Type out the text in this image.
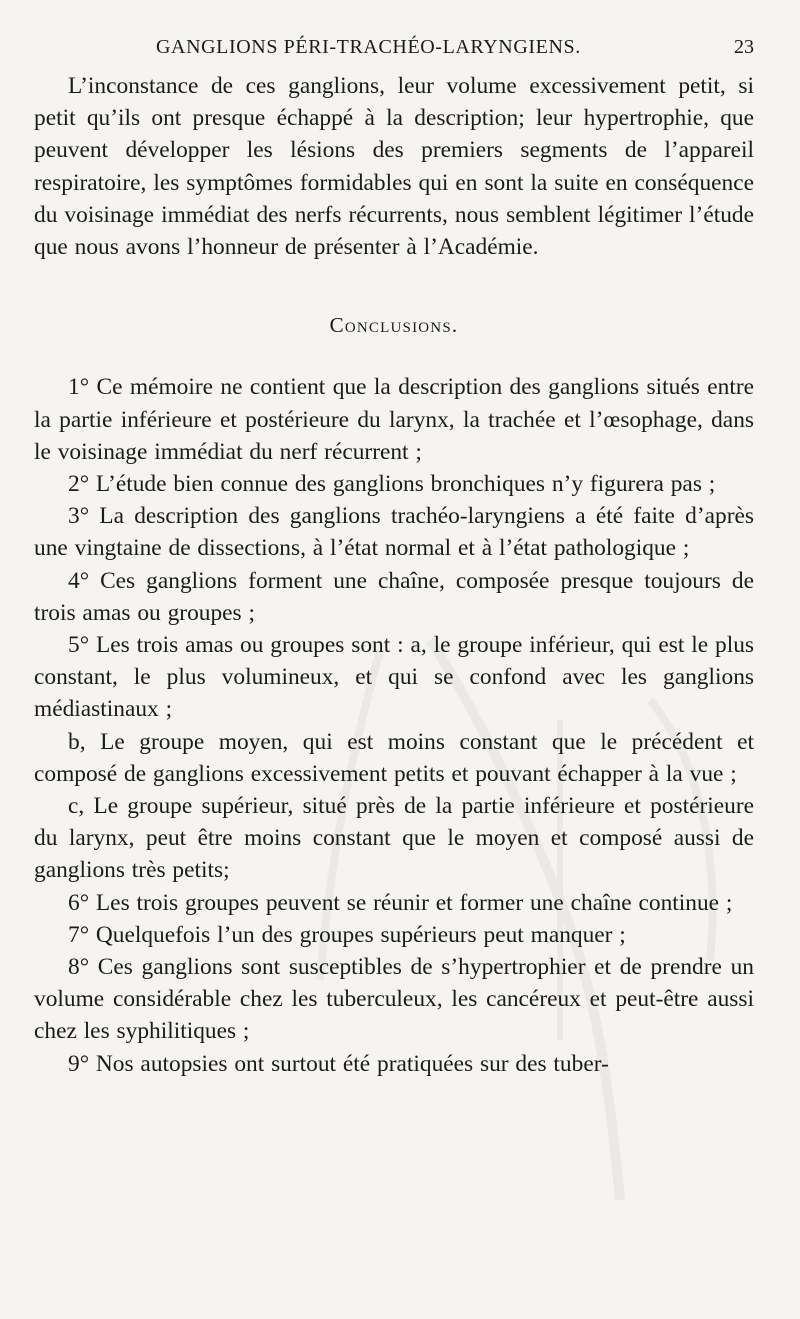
GANGLIONS PÉRI-TRACHÉO-LARYNGIENS.	23

L’inconstance de ces ganglions, leur volume excessivement petit, si petit qu’ils ont presque échappé à la description; leur hypertrophie, que peuvent développer les lésions des premiers segments de l’appareil respiratoire, les symptômes formidables qui en sont la suite en conséquence du voisinage immédiat des nerfs récurrents, nous semblent légitimer l’étude que nous avons l’honneur de présenter à l’Académie.

Conclusions.

1° Ce mémoire ne contient que la description des ganglions situés entre la partie inférieure et postérieure du larynx, la trachée et l’œsophage, dans le voisinage immédiat du nerf récurrent ;

2° L’étude bien connue des ganglions bronchiques n’y figurera pas ;

3° La description des ganglions trachéo-laryngiens a été faite d’après une vingtaine de dissections, à l’état normal et à l’état pathologique ;

4° Ces ganglions forment une chaîne, composée presque toujours de trois amas ou groupes ;

5° Les trois amas ou groupes sont : a, le groupe inférieur, qui est le plus constant, le plus volumineux, et qui se confond avec les ganglions médiastinaux ;

b, Le groupe moyen, qui est moins constant que le précédent et composé de ganglions excessivement petits et pouvant échapper à la vue ;

c, Le groupe supérieur, situé près de la partie inférieure et postérieure du larynx, peut être moins constant que le moyen et composé aussi de ganglions très petits;

6° Les trois groupes peuvent se réunir et former une chaîne continue ;

7° Quelquefois l’un des groupes supérieurs peut manquer ;

8° Ces ganglions sont susceptibles de s’hypertrophier et de prendre un volume considérable chez les tuberculeux, les cancéreux et peut-être aussi chez les syphilitiques ;

9° Nos autopsies ont surtout été pratiquées sur des tuber-
